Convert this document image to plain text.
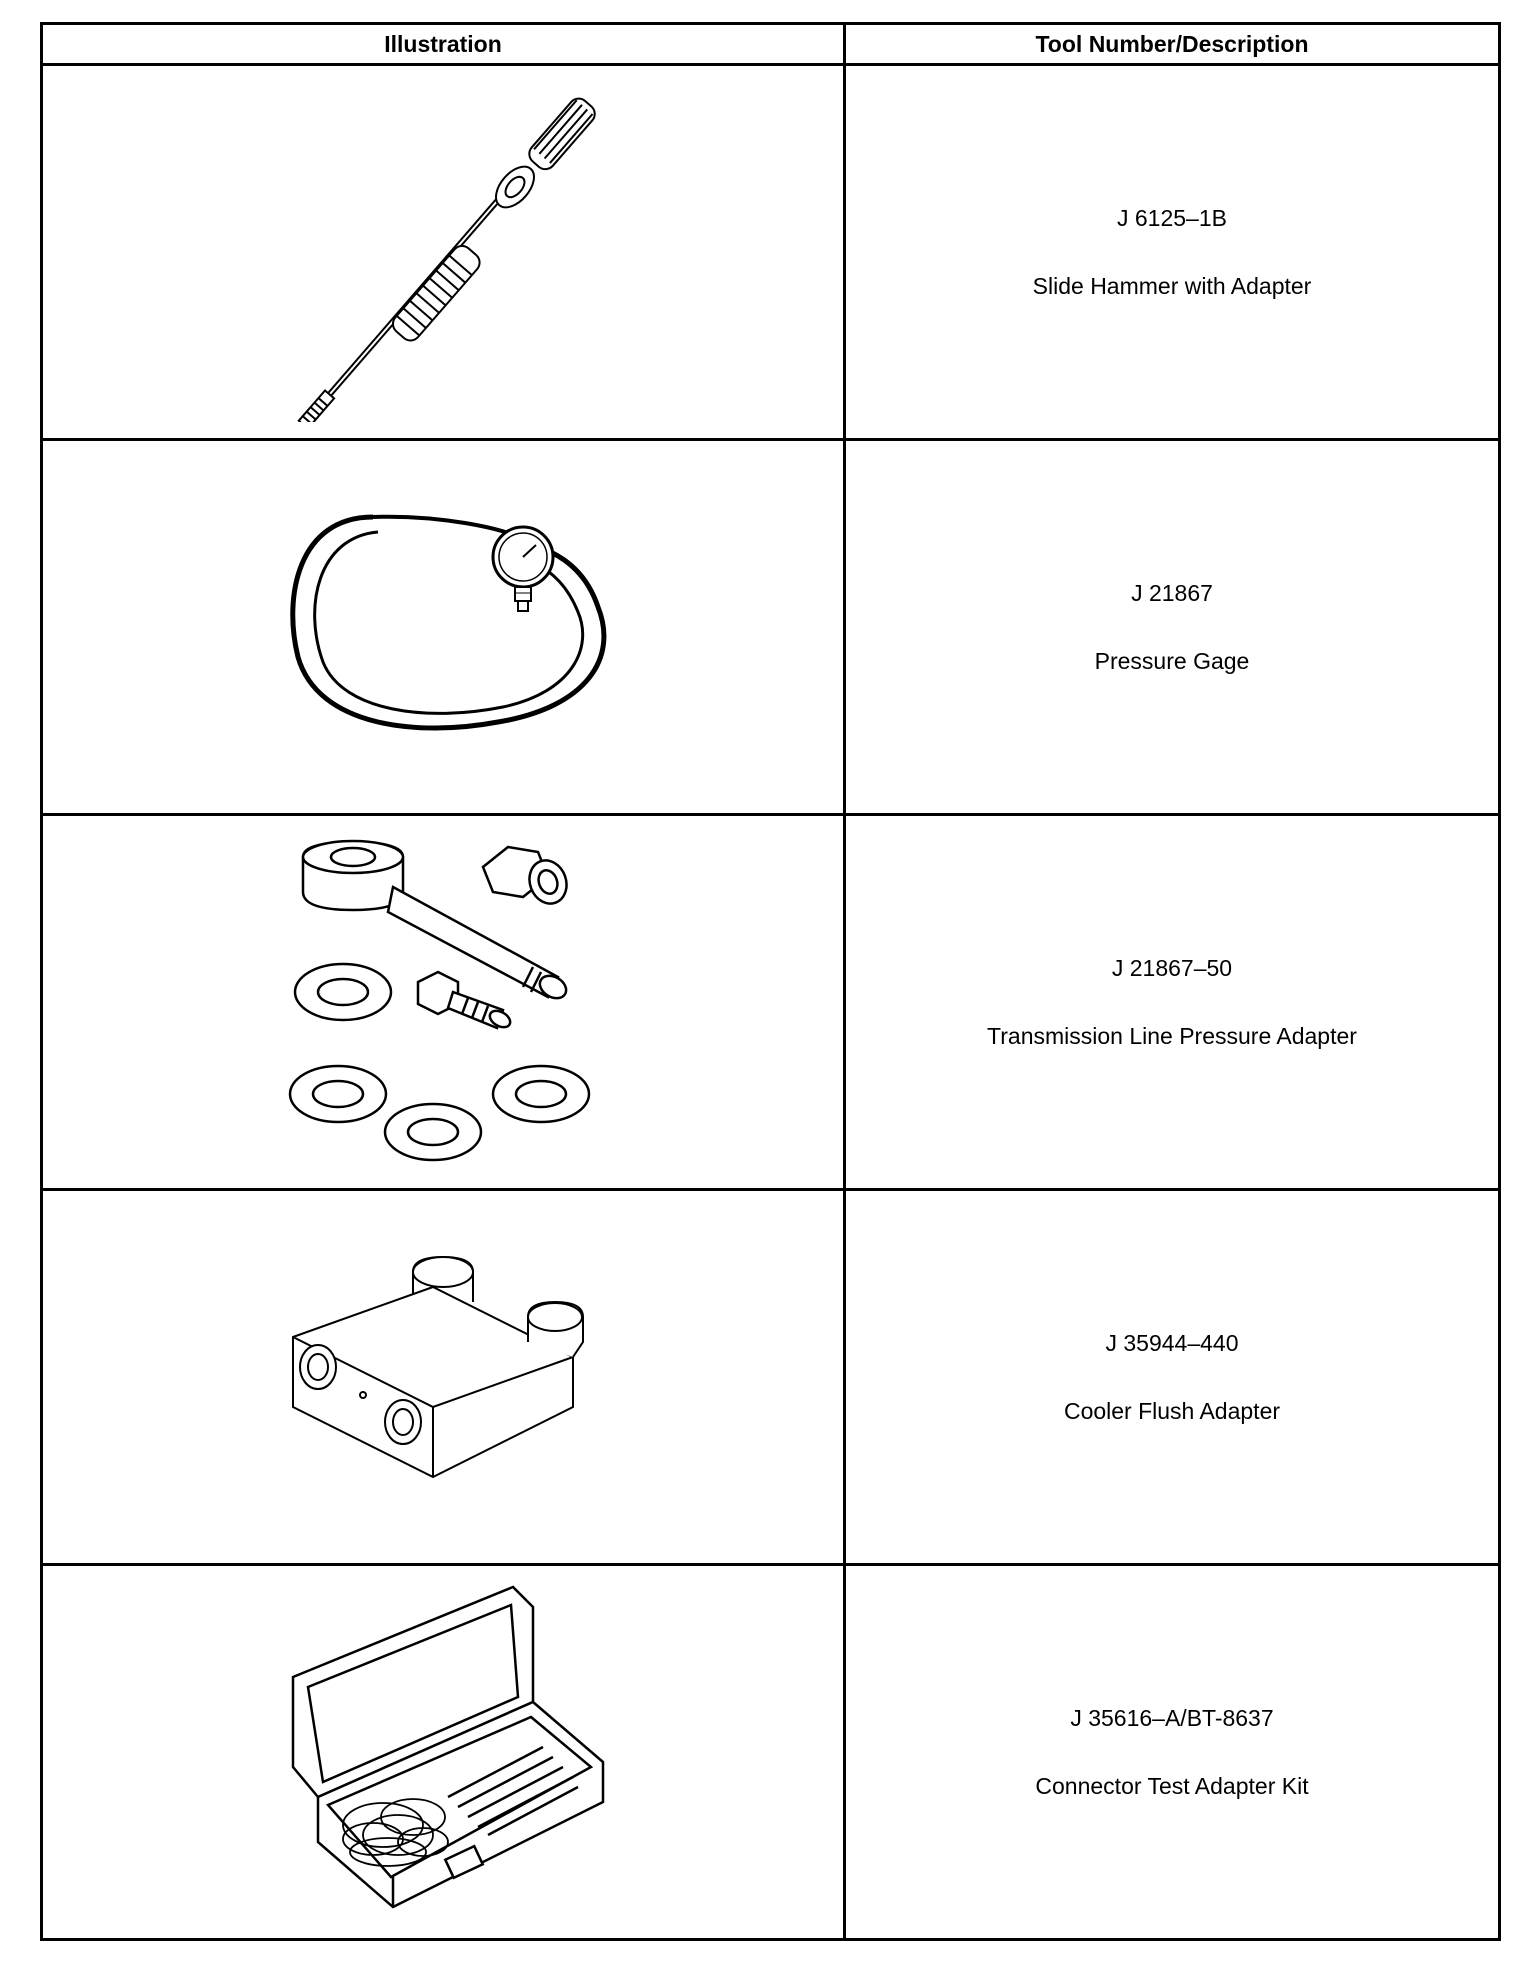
Illustration	Tool Number/Description

J 6125–1B
Slide Hammer with Adapter

J 21867
Pressure Gage

J 21867–50
Transmission Line Pressure Adapter

J 35944–440
Cooler Flush Adapter

J 35616–A/BT-8637
Connector Test Adapter Kit
